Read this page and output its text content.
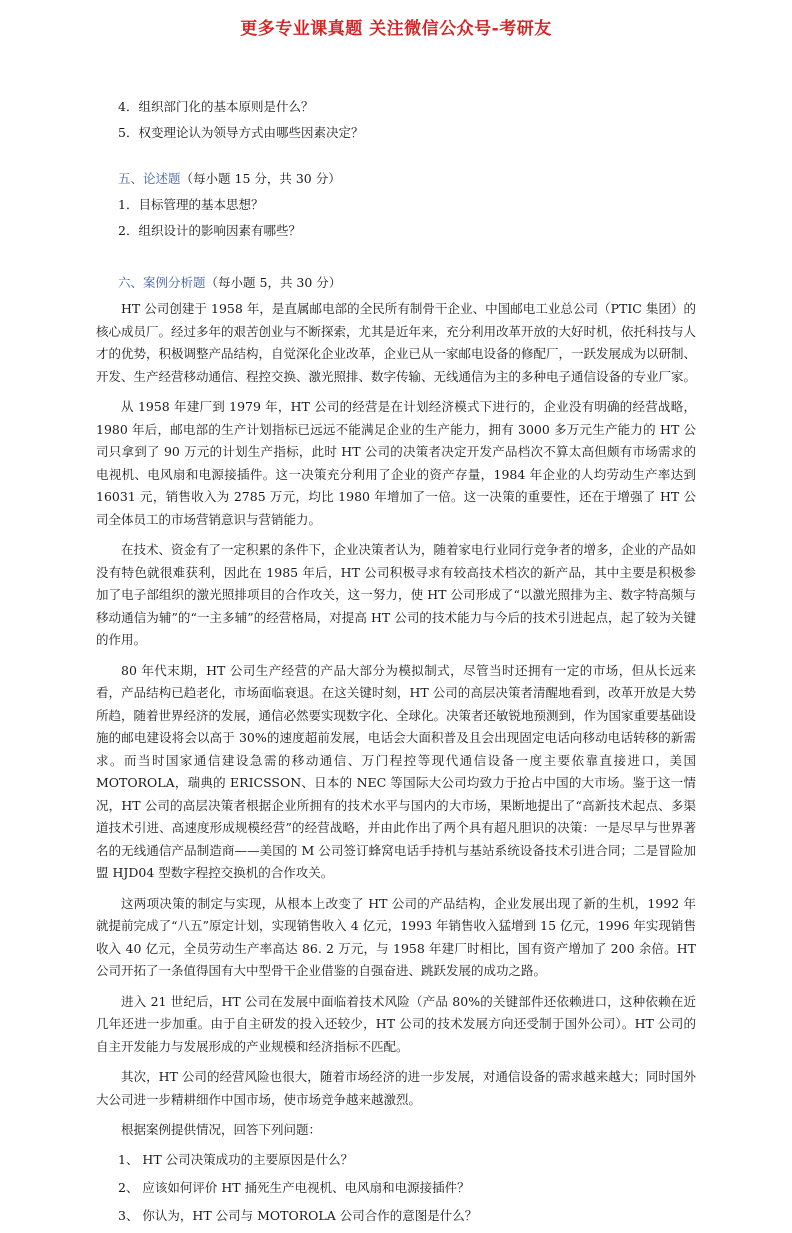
更多专业课真题 关注微信公众号-考研友

4．组织部门化的基本原则是什么？

5．权变理论认为领导方式由哪些因素决定？

五、论述题（每小题 15 分，共 30 分）

1．目标管理的基本思想？

2．组织设计的影响因素有哪些？

六、案例分析题（每小题 5，共 30 分）

HT 公司创建于 1958 年，是直属邮电部的全民所有制骨干企业、中国邮电工业总公司（PTIC 集团）的核心成员厂。经过多年的艰苦创业与不断探索，尤其是近年来，充分利用改革开放的大好时机，依托科技与人才的优势，积极调整产品结构，自觉深化企业改革，企业已从一家邮电设备的修配厂，一跃发展成为以研制、开发、生产经营移动通信、程控交换、激光照排、数字传输、无线通信为主的多种电子通信设备的专业厂家。

从 1958 年建厂到 1979 年，HT 公司的经营是在计划经济模式下进行的，企业没有明确的经营战略，1980 年后，邮电部的生产计划指标已远远不能满足企业的生产能力，拥有 3000 多万元生产能力的 HT 公司只拿到了 90 万元的计划生产指标，此时 HT 公司的决策者决定开发产品档次不算太高但颇有市场需求的电视机、电风扇和电源接插件。这一决策充分利用了企业的资产存量，1984 年企业的人均劳动生产率达到 16031 元，销售收入为 2785 万元，均比 1980 年增加了一倍。这一决策的重要性，还在于增强了 HT 公司全体员工的市场营销意识与营销能力。

在技术、资金有了一定积累的条件下，企业决策者认为，随着家电行业同行竞争者的增多，企业的产品如没有特色就很难获利，因此在 1985 年后，HT 公司积极寻求有较高技术档次的新产品，其中主要是积极参加了电子部组织的激光照排项目的合作攻关，这一努力，使 HT 公司形成了“以激光照排为主、数字特高频与移动通信为辅”的“一主多辅”的经营格局，对提高 HT 公司的技术能力与今后的技术引进起点，起了较为关键的作用。

80 年代末期，HT 公司生产经营的产品大部分为模拟制式，尽管当时还拥有一定的市场，但从长远来看，产品结构已趋老化，市场面临衰退。在这关键时刻，HT 公司的高层决策者清醒地看到，改革开放是大势所趋，随着世界经济的发展，通信必然要实现数字化、全球化。决策者还敏锐地预测到，作为国家重要基础设施的邮电建设将会以高于 30%的速度超前发展，电话会大面积普及且会出现固定电话向移动电话转移的新需求。而当时国家通信建设急需的移动通信、万门程控等现代通信设备一度主要依靠直接进口，美国 MOTOROLA，瑞典的 ERICSSON、日本的 NEC 等国际大公司均致力于抢占中国的大市场。鉴于这一情况，HT 公司的高层决策者根据企业所拥有的技术水平与国内的大市场，果断地提出了“高新技术起点、多渠道技术引进、高速度形成规模经营”的经营战略，并由此作出了两个具有超凡胆识的决策：一是尽早与世界著名的无线通信产品制造商——美国的 M 公司签订蜂窝电话手持机与基站系统设备技术引进合同；二是冒险加盟 HJD04 型数字程控交换机的合作攻关。

这两项决策的制定与实现，从根本上改变了 HT 公司的产品结构，企业发展出现了新的生机，1992 年就提前完成了“八五”原定计划，实现销售收入 4 亿元，1993 年销售收入猛增到 15 亿元，1996 年实现销售收入 40 亿元，全员劳动生产率高达 86. 2 万元，与 1958 年建厂时相比，国有资产增加了 200 余倍。HT 公司开拓了一条值得国有大中型骨干企业借鉴的自强奋进、跳跃发展的成功之路。

进入 21 世纪后，HT 公司在发展中面临着技术风险（产品 80%的关键部件还依赖进口，这种依赖在近几年还进一步加重。由于自主研发的投入还较少，HT 公司的技术发展方向还受制于国外公司）。HT 公司的自主开发能力与发展形成的产业规模和经济指标不匹配。

其次，HT 公司的经营风险也很大，随着市场经济的进一步发展，对通信设备的需求越来越大；同时国外大公司进一步精耕细作中国市场，使市场竞争越来越激烈。

根据案例提供情况，回答下列问题：

1、 HT 公司决策成功的主要原因是什么？

2、 应该如何评价 HT 捅死生产电视机、电风扇和电源接插件？

3、 你认为，HT 公司与 MOTOROLA 公司合作的意图是什么？
